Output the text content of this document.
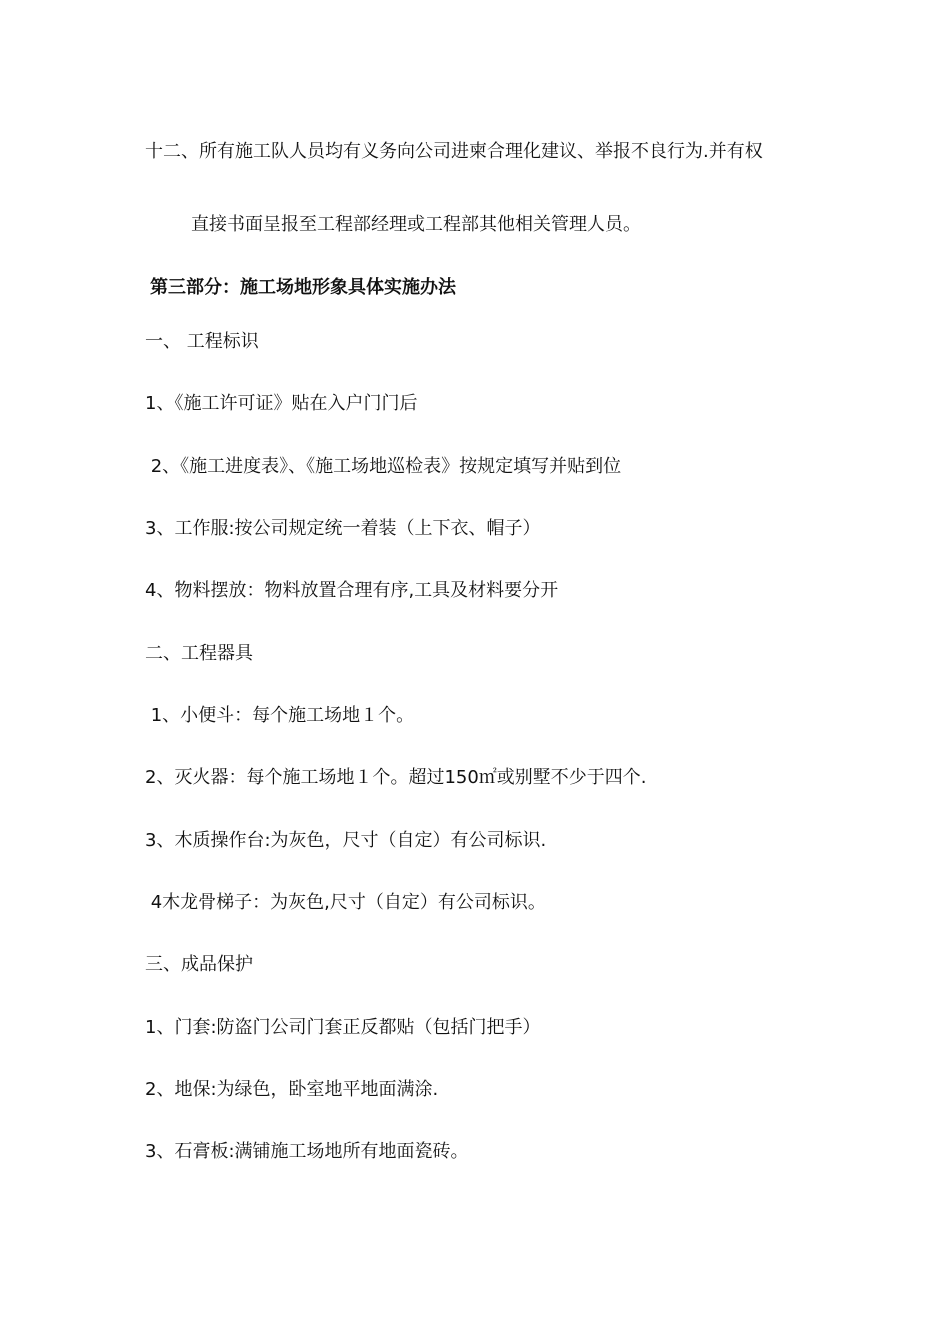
十二、所有施工队人员均有义务向公司进柬合理化建议、举报不良行为.并有权
直接书面呈报至工程部经理或工程部其他相关管理人员。
第三部分：施工场地形象具体实施办法
一、 工程标识
1、《施工许可证》贴在入户门门后
2、《施工进度表》、《施工场地巡检表》按规定填写并贴到位
3、工作服:按公司规定统一着装（上下衣、帽子）
4、物料摆放：物料放置合理有序,工具及材料要分开
二、工程器具
1、小便斗：每个施工场地１个。
2、灭火器：每个施工场地１个。超过150㎡或别墅不少于四个.
3、木质操作台:为灰色，尺寸（自定）有公司标识.
4木龙骨梯子：为灰色,尺寸（自定）有公司标识。
三、成品保护
1、门套:防盗门公司门套正反都贴（包括门把手）
2、地保:为绿色，卧室地平地面满涂.
3、石膏板:满铺施工场地所有地面瓷砖。
